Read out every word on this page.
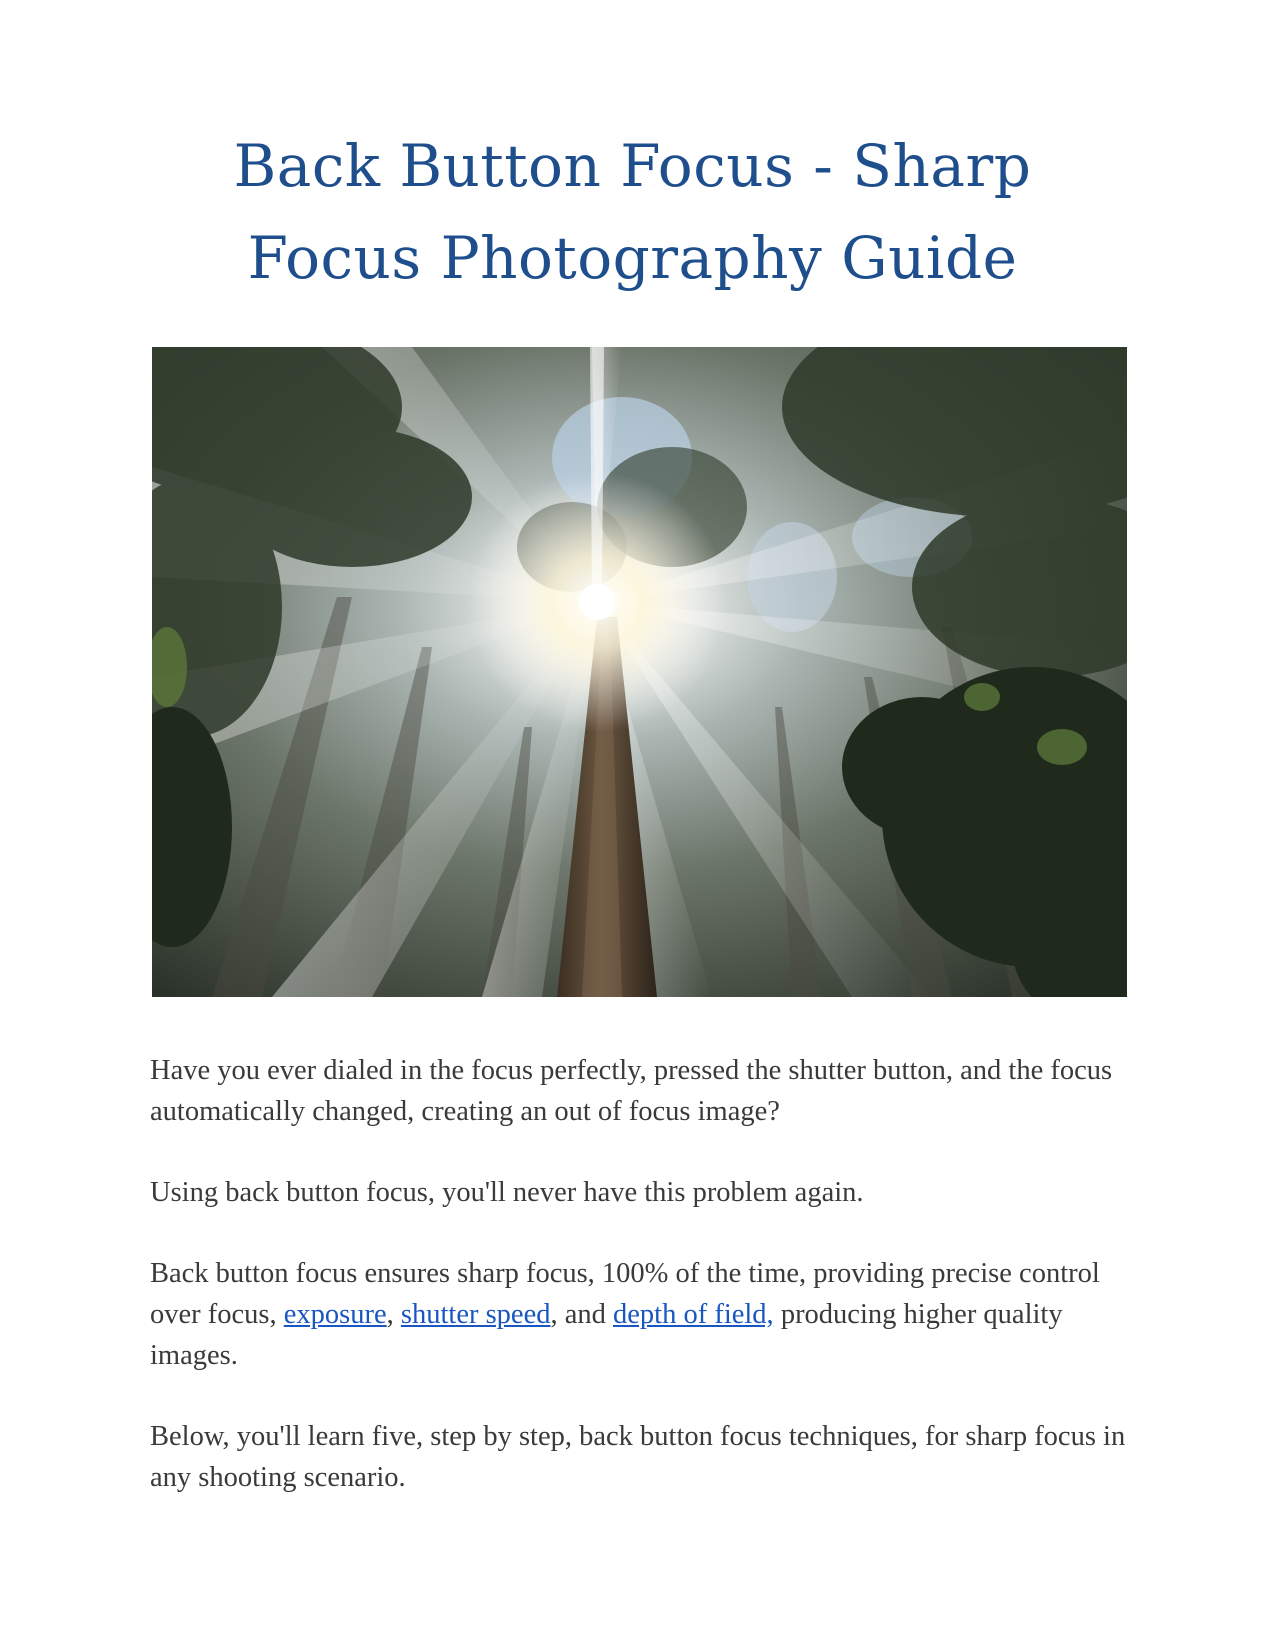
Back Button Focus - Sharp Focus Photography Guide

Have you ever dialed in the focus perfectly, pressed the shutter button, and the focus automatically changed, creating an out of focus image?

Using back button focus, you'll never have this problem again.

Back button focus ensures sharp focus, 100% of the time, providing precise control over focus, exposure, shutter speed, and depth of field, producing higher quality images.

Below, you'll learn five, step by step, back button focus techniques, for sharp focus in any shooting scenario.
